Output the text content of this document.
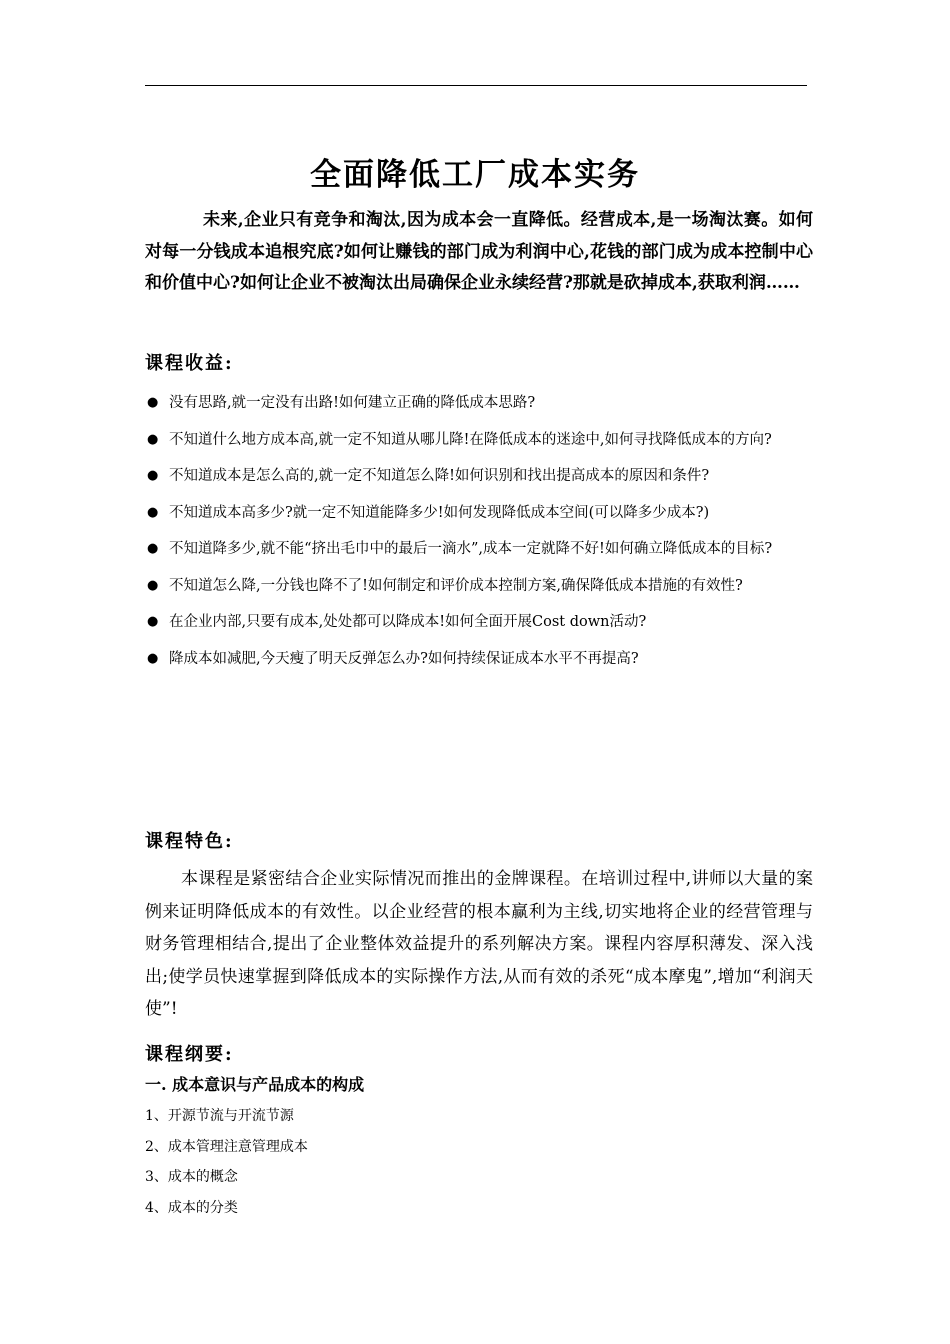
全面降低工厂成本实务
未来,企业只有竞争和淘汰,因为成本会一直降低。经营成本,是一场淘汰赛。如何对每一分钱成本追根究底?如何让赚钱的部门成为利润中心,花钱的部门成为成本控制中心和价值中心?如何让企业不被淘汰出局确保企业永续经营?那就是砍掉成本,获取利润……
课程收益:
● 没有思路,就一定没有出路!如何建立正确的降低成本思路?
● 不知道什么地方成本高,就一定不知道从哪儿降!在降低成本的迷途中,如何寻找降低成本的方向?
● 不知道成本是怎么高的,就一定不知道怎么降!如何识别和找出提高成本的原因和条件?
● 不知道成本高多少?就一定不知道能降多少!如何发现降低成本空间(可以降多少成本?)
● 不知道降多少,就不能“挤出毛巾中的最后一滴水”,成本一定就降不好!如何确立降低成本的目标?
● 不知道怎么降,一分钱也降不了!如何制定和评价成本控制方案,确保降低成本措施的有效性?
● 在企业内部,只要有成本,处处都可以降成本!如何全面开展Cost down活动?
● 降成本如减肥,今天瘦了明天反弹怎么办?如何持续保证成本水平不再提高?
课程特色:
本课程是紧密结合企业实际情况而推出的金牌课程。在培训过程中,讲师以大量的案例来证明降低成本的有效性。以企业经营的根本赢利为主线,切实地将企业的经营管理与财务管理相结合,提出了企业整体效益提升的系列解决方案。课程内容厚积薄发、深入浅出;使学员快速掌握到降低成本的实际操作方法,从而有效的杀死“成本摩鬼”,增加“利润天使”!
课程纲要:
一. 成本意识与产品成本的构成
1、开源节流与开流节源
2、成本管理注意管理成本
3、成本的概念
4、成本的分类
